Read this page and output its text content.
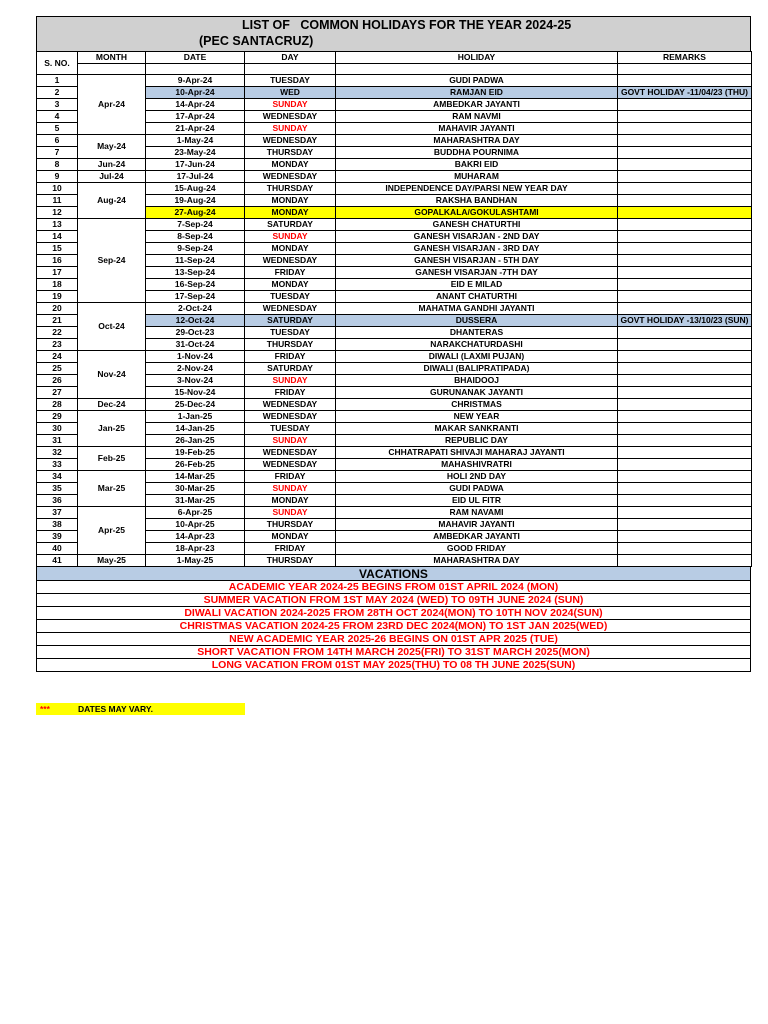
LIST OF   COMMON HOLIDAYS FOR THE YEAR 2024-25
(PEC SANTACRUZ)
S. NO.	MONTH	DATE	DAY	HOLIDAY	REMARKS

1	Apr-24	9-Apr-24	TUESDAY	GUDI PADWA	
2		10-Apr-24	WED	RAMJAN EID	GOVT HOLIDAY -11/04/23 (THU)
3		14-Apr-24	SUNDAY	AMBEDKAR JAYANTI	
4		17-Apr-24	WEDNESDAY	RAM NAVMI	
5		21-Apr-24	SUNDAY	MAHAVIR JAYANTI	
6	May-24	1-May-24	WEDNESDAY	MAHARASHTRA DAY	
7		23-May-24	THURSDAY	BUDDHA POURNIMA	
8	Jun-24	17-Jun-24	MONDAY	BAKRI EID	
9	Jul-24	17-Jul-24	WEDNESDAY	MUHARAM	
10	Aug-24	15-Aug-24	THURSDAY	INDEPENDENCE DAY/PARSI NEW YEAR DAY	
11		19-Aug-24	MONDAY	RAKSHA BANDHAN	
12		27-Aug-24	MONDAY	GOPALKALA/GOKULASHTAMI	
13	Sep-24	7-Sep-24	SATURDAY	GANESH CHATURTHI	
14		8-Sep-24	SUNDAY	GANESH VISARJAN - 2ND DAY	
15		9-Sep-24	MONDAY	GANESH VISARJAN - 3RD DAY	
16		11-Sep-24	WEDNESDAY	GANESH VISARJAN - 5TH DAY	
17		13-Sep-24	FRIDAY	GANESH VISARJAN -7TH DAY	
18		16-Sep-24	MONDAY	EID E MILAD	
19		17-Sep-24	TUESDAY	ANANT CHATURTHI	
20	Oct-24	2-Oct-24	WEDNESDAY	MAHATMA GANDHI JAYANTI	
21		12-Oct-24	SATURDAY	DUSSERA	GOVT HOLIDAY -13/10/23 (SUN)
22		29-Oct-23	TUESDAY	DHANTERAS	
23		31-Oct-24	THURSDAY	NARAKCHATURDASHI	
24	Nov-24	1-Nov-24	FRIDAY	DIWALI (LAXMI PUJAN)	
25		2-Nov-24	SATURDAY	DIWALI (BALIPRATIPADA)	
26		3-Nov-24	SUNDAY	BHAIDOOJ	
27		15-Nov-24	FRIDAY	GURUNANAK JAYANTI	
28	Dec-24	25-Dec-24	WEDNESDAY	CHRISTMAS	
29	Jan-25	1-Jan-25	WEDNESDAY	NEW YEAR	
30		14-Jan-25	TUESDAY	MAKAR SANKRANTI	
31		26-Jan-25	SUNDAY	REPUBLIC DAY	
32	Feb-25	19-Feb-25	WEDNESDAY	CHHATRAPATI SHIVAJI MAHARAJ JAYANTI	
33		26-Feb-25	WEDNESDAY	MAHASHIVRATRI	
34	Mar-25	14-Mar-25	FRIDAY	HOLI 2ND DAY	
35		30-Mar-25	SUNDAY	GUDI PADWA	
36		31-Mar-25	MONDAY	EID UL FITR	
37	Apr-25	6-Apr-25	SUNDAY	RAM NAVAMI	
38		10-Apr-25	THURSDAY	MAHAVIR JAYANTI	
39		14-Apr-23	MONDAY	AMBEDKAR JAYANTI	
40		18-Apr-23	FRIDAY	GOOD FRIDAY	
41	May-25	1-May-25	THURSDAY	MAHARASHTRA DAY	
VACATIONS
ACADEMIC YEAR 2024-25 BEGINS FROM 01ST APRIL 2024 (MON)
SUMMER VACATION FROM 1ST MAY 2024 (WED) TO 09TH JUNE 2024 (SUN)
DIWALI VACATION 2024-2025 FROM 28TH OCT 2024(MON) TO 10TH NOV 2024(SUN)
CHRISTMAS VACATION 2024-25 FROM 23RD DEC 2024(MON) TO 1ST JAN 2025(WED)
NEW ACADEMIC YEAR 2025-26 BEGINS ON 01ST APR 2025 (TUE)
SHORT VACATION FROM 14TH MARCH 2025(FRI) TO 31ST MARCH 2025(MON)
LONG VACATION FROM 01ST MAY 2025(THU) TO 08 TH JUNE 2025(SUN)
***	DATES MAY VARY.
